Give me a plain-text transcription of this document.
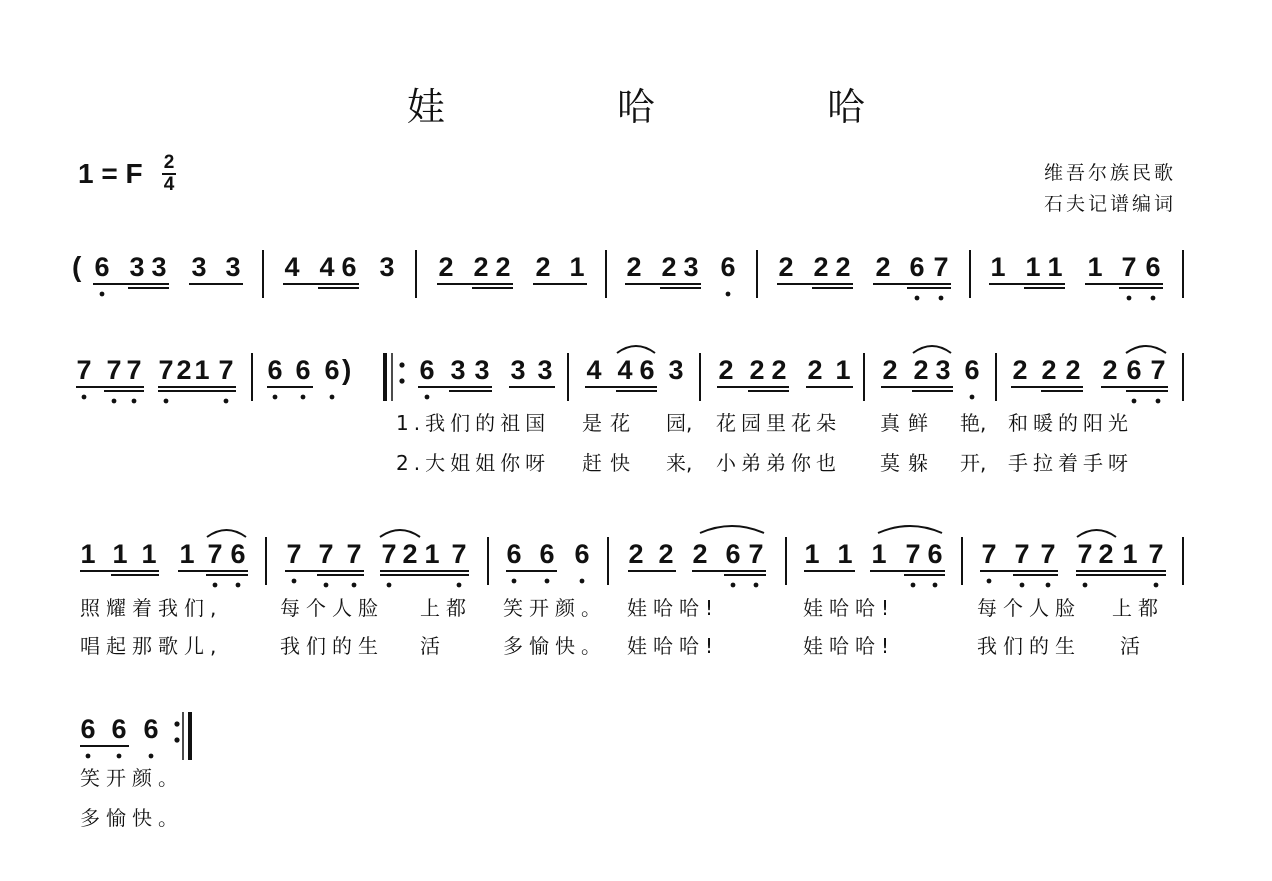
娃 哈 哈
1 = F 2
4
维吾尔族民歌
石夫记谱编词
( 6 3 3 3 3 4 4 6 3 2 2 2 2 1 2 2 3 6 2 2 2 2 6 7 1 1 1 1 7 6
7 7 7 7 2 1 7 6 6 6 )	6 3 3 3 3 4 4 6 3 2 2 2 2 1 2 2 3 6 2 2 2 2 6 7
1 1 1 1 7 6 7 7 7 7 2 1 7 6 6 6 2 2 2 6 7 1 1 1 7 6 7 7 7 7 2 1 7
6 6 6
1.我们的祖国 是花 园, 花园里花朵 真鲜 艳, 和暖的阳光
2.大姐姐你呀 赶快 来, 小弟弟你也 莫躲 开, 手拉着手呀
照耀着我们,	每个人脸 上都 笑开颜。 娃哈哈!	娃哈哈!	每个人脸 上都
唱起那歌儿,	我们的生 活	多愉快。 娃哈哈!	娃哈哈!	我们的生 活
笑开颜。
多愉快。
